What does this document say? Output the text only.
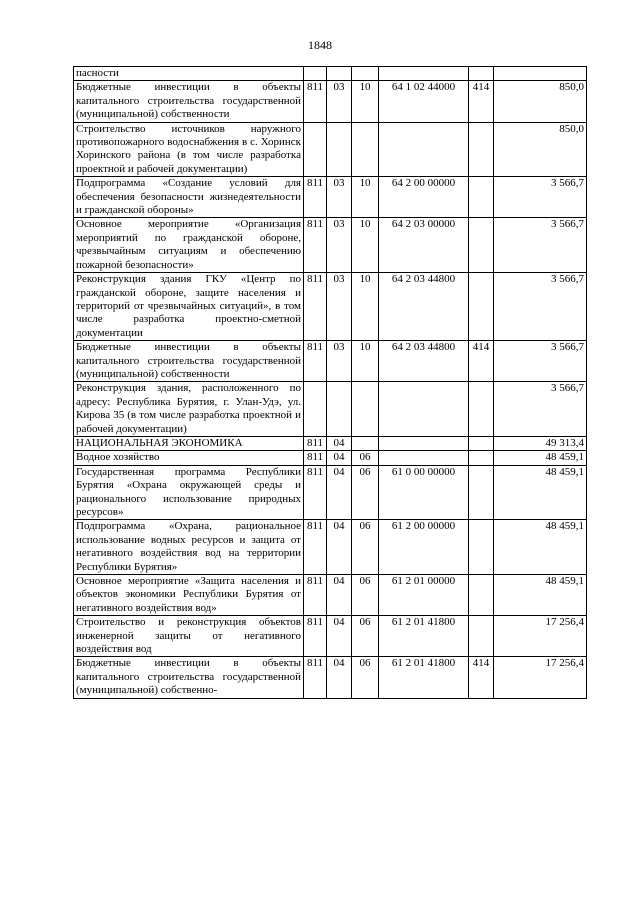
1848
пасности						
Бюджетные инвестиции в объекты капитального строительства государственной (муниципальной) собственности	811	03	10	64 1 02 44000	414	850,0
Строительство источников наружного противопожарного водоснабжения в с. Хоринск Хоринского района (в том числе разработка проектной и рабочей документации)						850,0
Подпрограмма «Создание условий для обеспечения безопасности жизнедеятельности и гражданской обороны»	811	03	10	64 2 00 00000		3 566,7
Основное мероприятие «Организация мероприятий по гражданской обороне, чрезвычайным ситуациям и обеспечению пожарной безопасности»	811	03	10	64 2 03 00000		3 566,7
Реконструкция здания ГКУ «Центр по гражданской обороне, защите населения и территорий от чрезвычайных ситуаций», в том числе разработка проектно-сметной документации	811	03	10	64 2 03 44800		3 566,7
Бюджетные инвестиции в объекты капитального строительства государственной (муниципальной) собственности	811	03	10	64 2 03 44800	414	3 566,7
Реконструкция здания, расположенного по адресу: Республика Бурятия, г. Улан-Удэ, ул. Кирова 35 (в том числе разработка проектной и рабочей документации)						3 566,7
НАЦИОНАЛЬНАЯ ЭКОНОМИКА	811	04				49 313,4
Водное хозяйство	811	04	06			48 459,1
Государственная программа Республики Бурятия «Охрана окружающей среды и рационального использование природных ресурсов»	811	04	06	61 0 00 00000		48 459,1
Подпрограмма «Охрана, рациональное использование водных ресурсов и защита от негативного воздействия вод на территории Республики Бурятия»	811	04	06	61 2 00 00000		48 459,1
Основное мероприятие «Защита населения и объектов экономики Республики Бурятия от негативного воздействия вод»	811	04	06	61 2 01 00000		48 459,1
Строительство и реконструкция объектов инженерной защиты от негативного воздействия вод	811	04	06	61 2 01 41800		17 256,4
Бюджетные инвестиции в объекты капитального строительства государственной (муниципальной) собственно-	811	04	06	61 2 01 41800	414	17 256,4
